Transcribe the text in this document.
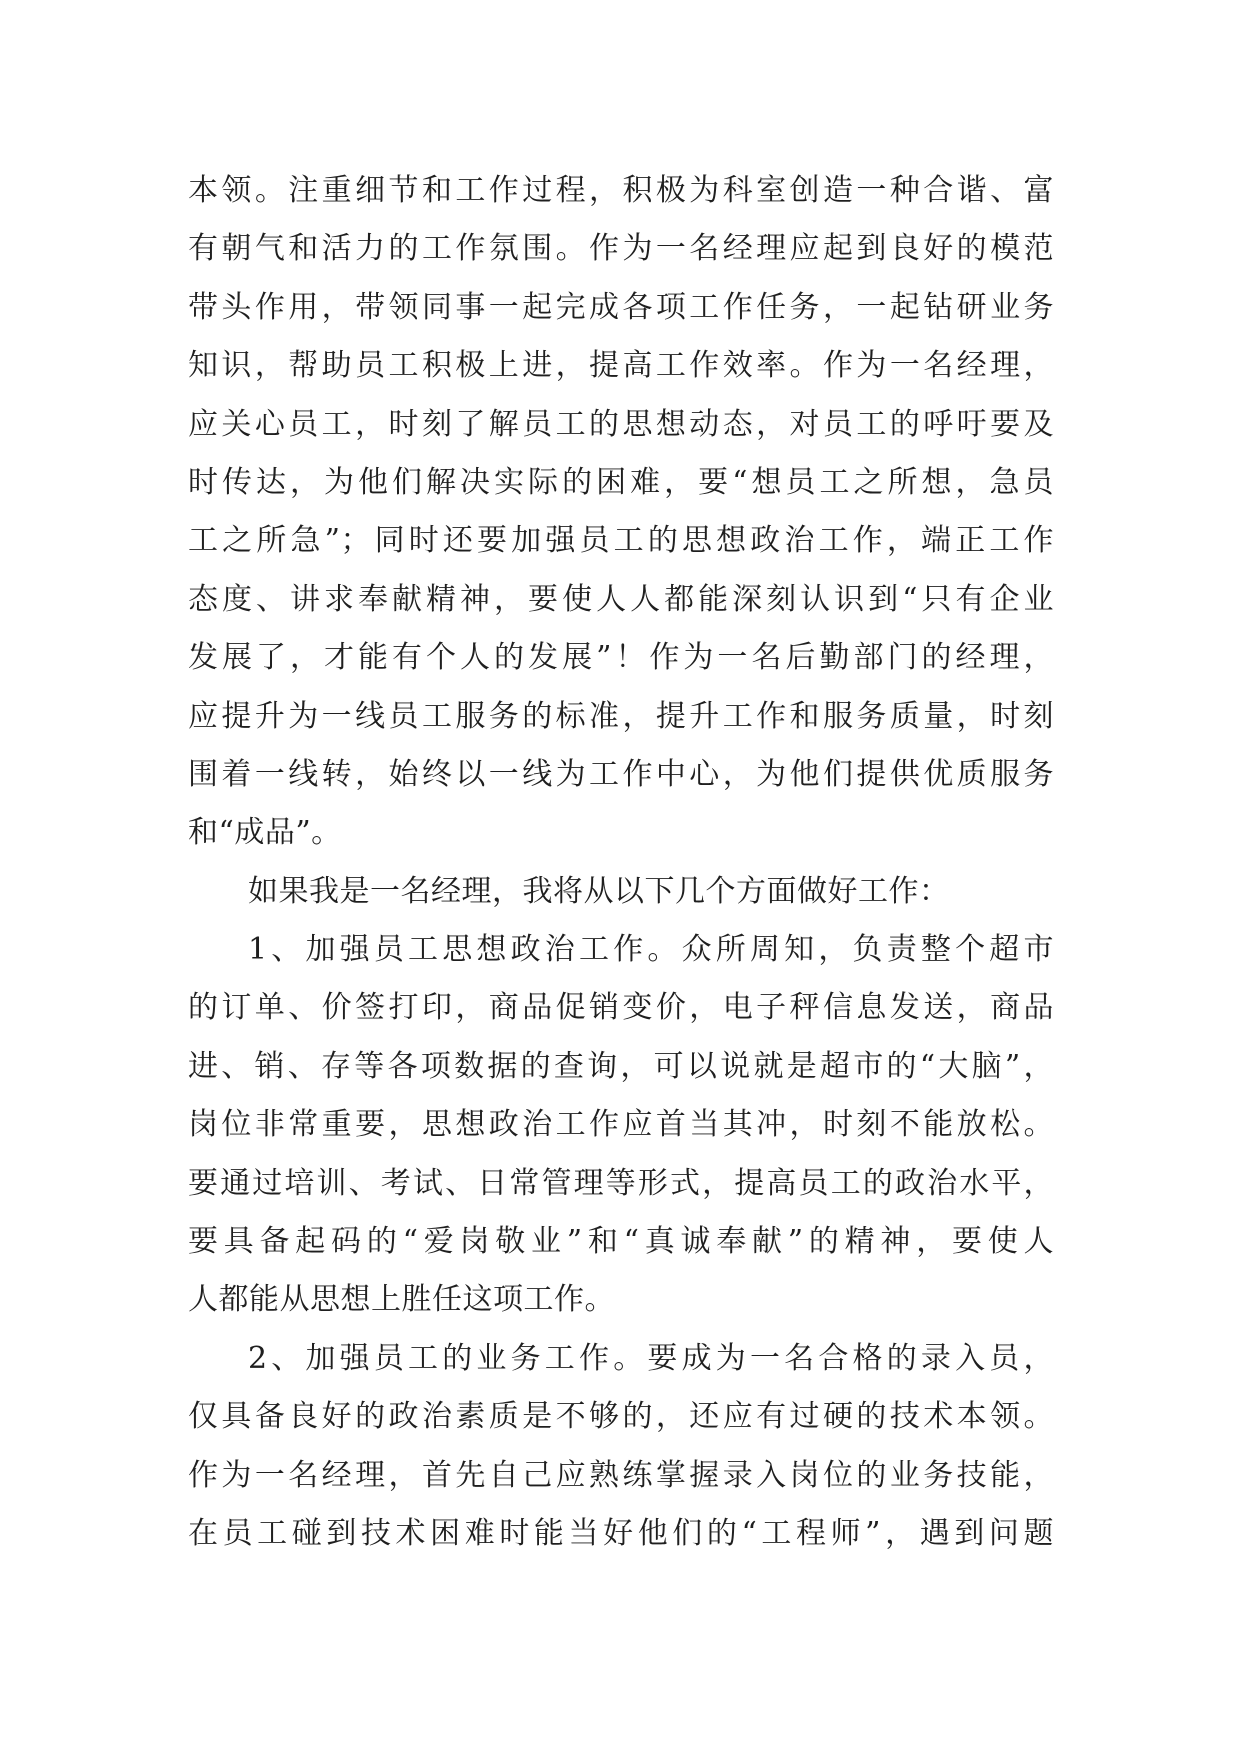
本领。注重细节和工作过程，积极为科室创造一种合谐、富
有朝气和活力的工作氛围。作为一名经理应起到良好的模范
带头作用，带领同事一起完成各项工作任务，一起钻研业务
知识，帮助员工积极上进，提高工作效率。作为一名经理，
应关心员工，时刻了解员工的思想动态，对员工的呼吁要及
时传达，为他们解决实际的困难，要“想员工之所想，急员
工之所急”；同时还要加强员工的思想政治工作，端正工作
态度、讲求奉献精神，要使人人都能深刻认识到“只有企业
发展了，才能有个人的发展”！作为一名后勤部门的经理，
应提升为一线员工服务的标准，提升工作和服务质量，时刻
围着一线转，始终以一线为工作中心，为他们提供优质服务
和“成品”。
如果我是一名经理，我将从以下几个方面做好工作：
1、加强员工思想政治工作。众所周知，负责整个超市
的订单、价签打印，商品促销变价，电子秤信息发送，商品
进、销、存等各项数据的查询，可以说就是超市的“大脑”，
岗位非常重要，思想政治工作应首当其冲，时刻不能放松。
要通过培训、考试、日常管理等形式，提高员工的政治水平，
要具备起码的“爱岗敬业”和“真诚奉献”的精神，要使人
人都能从思想上胜任这项工作。
2、加强员工的业务工作。要成为一名合格的录入员，
仅具备良好的政治素质是不够的，还应有过硬的技术本领。
作为一名经理，首先自己应熟练掌握录入岗位的业务技能，
在员工碰到技术困难时能当好他们的“工程师”，遇到问题
